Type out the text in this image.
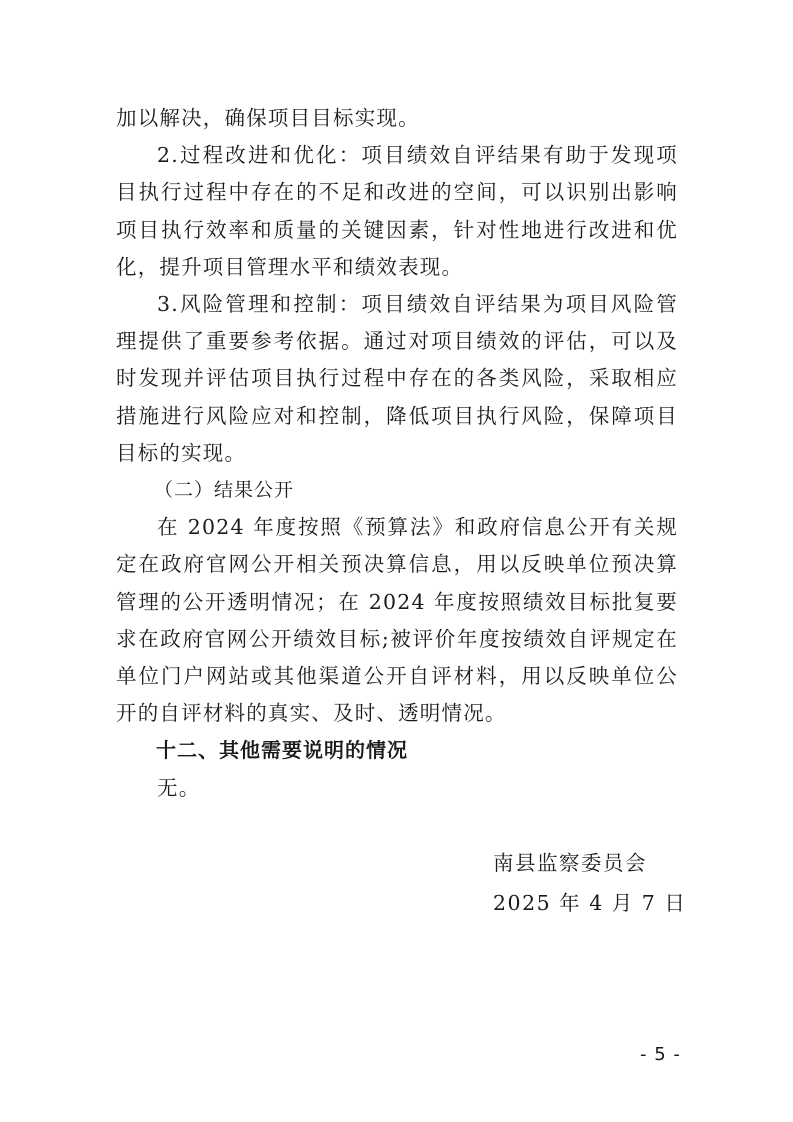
加以解决，确保项目目标实现。

2.过程改进和优化：项目绩效自评结果有助于发现项目执行过程中存在的不足和改进的空间，可以识别出影响项目执行效率和质量的关键因素，针对性地进行改进和优化，提升项目管理水平和绩效表现。

3.风险管理和控制：项目绩效自评结果为项目风险管理提供了重要参考依据。通过对项目绩效的评估，可以及时发现并评估项目执行过程中存在的各类风险，采取相应措施进行风险应对和控制，降低项目执行风险，保障项目目标的实现。

（二）结果公开

在 2024 年度按照《预算法》和政府信息公开有关规定在政府官网公开相关预决算信息，用以反映单位预决算管理的公开透明情况；在 2024 年度按照绩效目标批复要求在政府官网公开绩效目标;被评价年度按绩效自评规定在单位门户网站或其他渠道公开自评材料，用以反映单位公开的自评材料的真实、及时、透明情况。

十二、其他需要说明的情况

无。

南县监察委员会
2025 年 4 月 7 日
- 5 -
